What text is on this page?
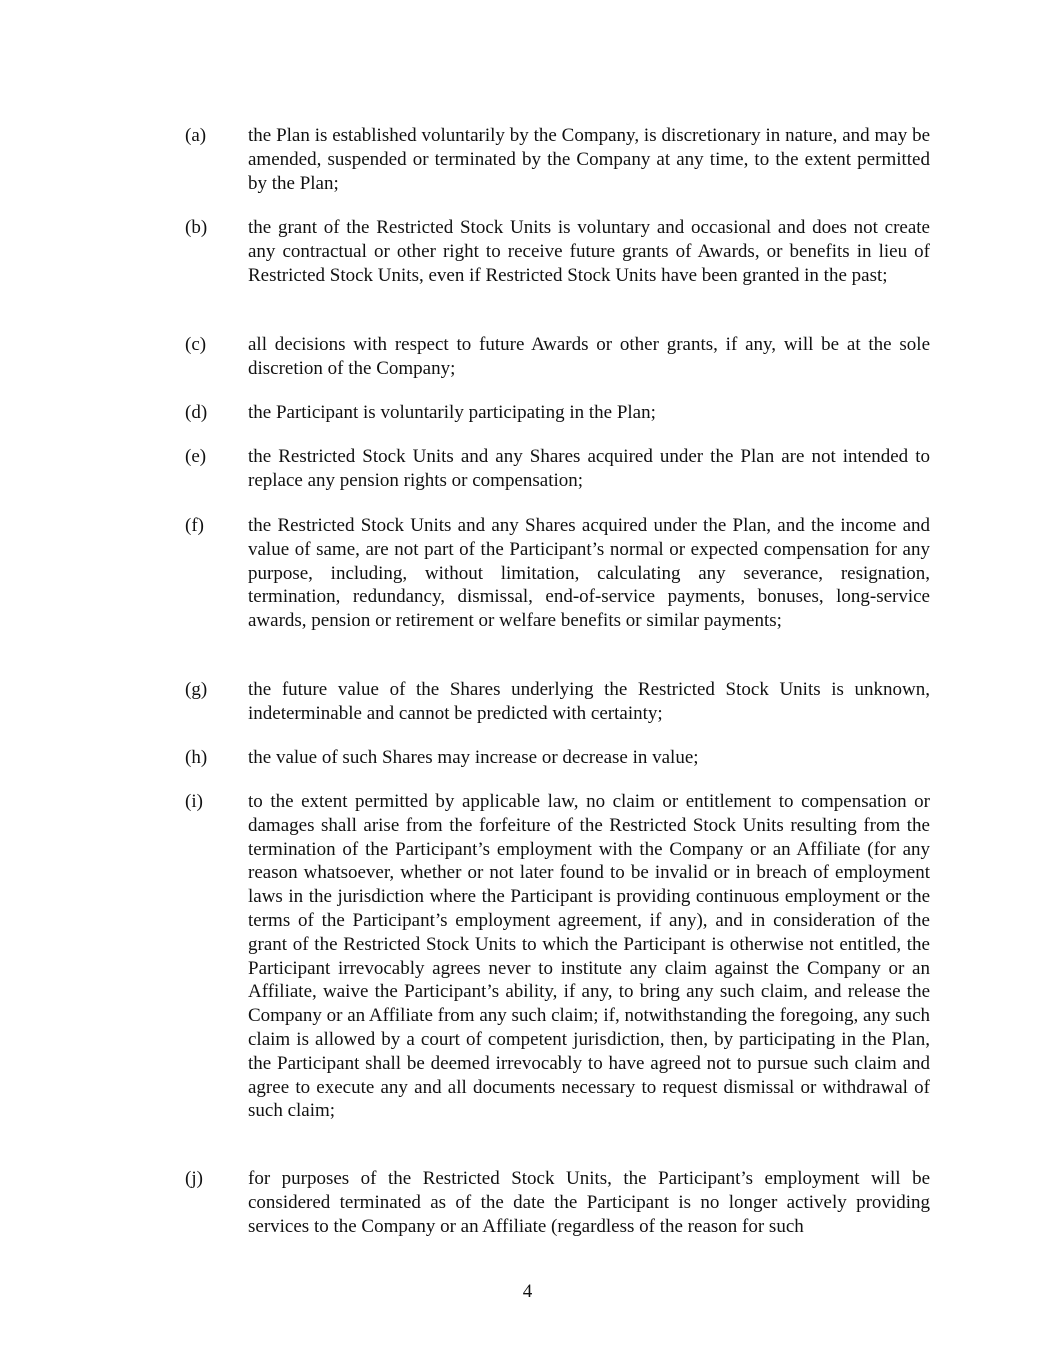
(a)	the Plan is established voluntarily by the Company, is discretionary in nature, and may be amended, suspended or terminated by the Company at any time, to the extent permitted by the Plan;
(b)	the grant of the Restricted Stock Units is voluntary and occasional and does not create any contractual or other right to receive future grants of Awards, or benefits in lieu of Restricted Stock Units, even if Restricted Stock Units have been granted in the past;
(c)	all decisions with respect to future Awards or other grants, if any, will be at the sole discretion of the Company;
(d)	the Participant is voluntarily participating in the Plan;
(e)	the Restricted Stock Units and any Shares acquired under the Plan are not intended to replace any pension rights or compensation;
(f)	the Restricted Stock Units and any Shares acquired under the Plan, and the income and value of same, are not part of the Participant’s normal or expected compensation for any purpose, including, without limitation, calculating any severance, resignation, termination, redundancy, dismissal, end-of-service payments, bonuses, long-service awards, pension or retirement or welfare benefits or similar payments;
(g)	the future value of the Shares underlying the Restricted Stock Units is unknown, indeterminable and cannot be predicted with certainty;
(h)	the value of such Shares may increase or decrease in value;
(i)	to the extent permitted by applicable law, no claim or entitlement to compensation or damages shall arise from the forfeiture of the Restricted Stock Units resulting from the termination of the Participant’s employment with the Company or an Affiliate (for any reason whatsoever, whether or not later found to be invalid or in breach of employment laws in the jurisdiction where the Participant is providing continuous employment or the terms of the Participant’s employment agreement, if any), and in consideration of the grant of the Restricted Stock Units to which the Participant is otherwise not entitled, the Participant irrevocably agrees never to institute any claim against the Company or an Affiliate, waive the Participant’s ability, if any, to bring any such claim, and release the Company or an Affiliate from any such claim; if, notwithstanding the foregoing, any such claim is allowed by a court of competent jurisdiction, then, by participating in the Plan, the Participant shall be deemed irrevocably to have agreed not to pursue such claim and agree to execute any and all documents necessary to request dismissal or withdrawal of such claim;
(j)	for purposes of the Restricted Stock Units, the Participant’s employment will be considered terminated as of the date the Participant is no longer actively providing services to the Company or an Affiliate (regardless of the reason for such
4
